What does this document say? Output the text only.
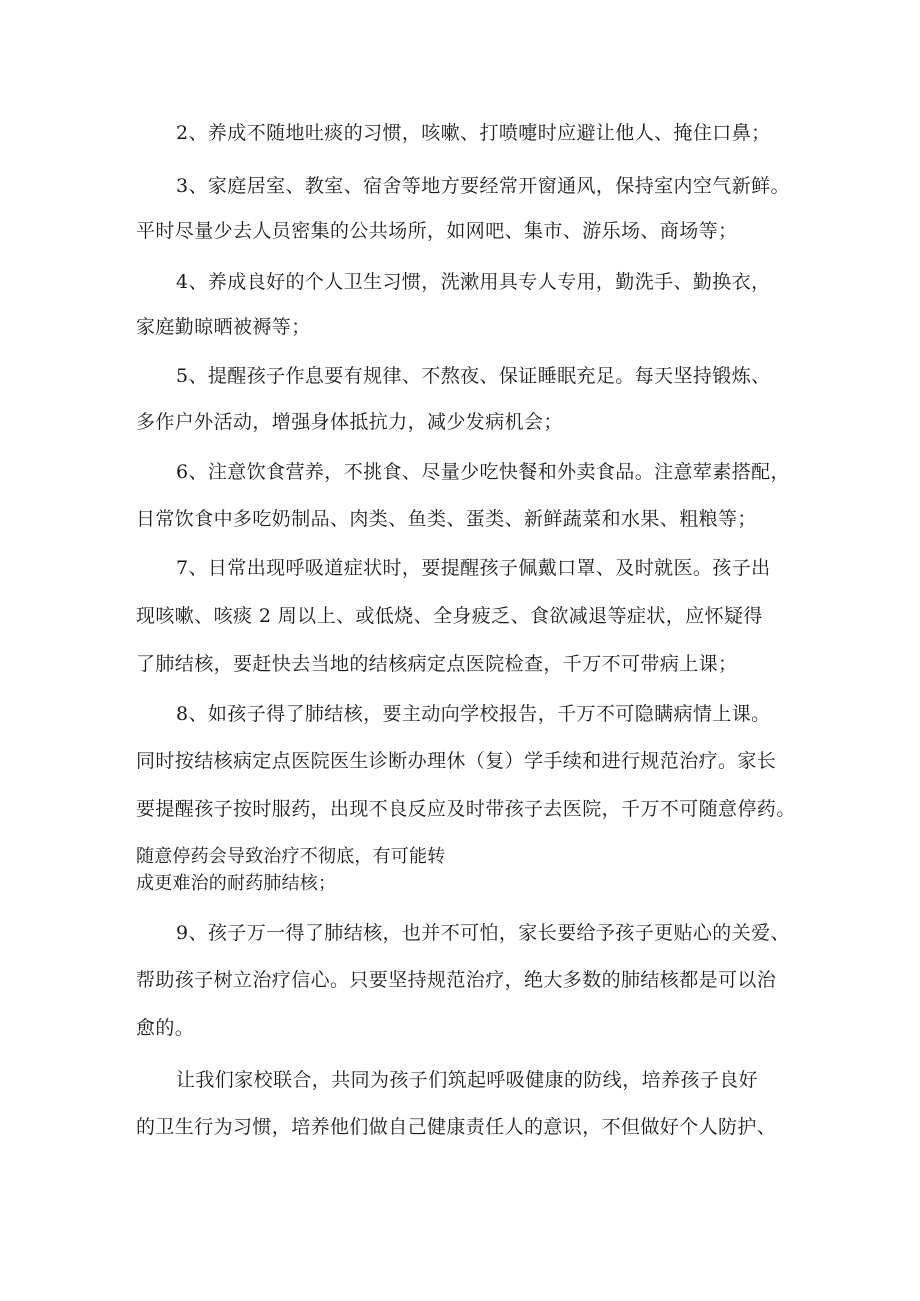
2、养成不随地吐痰的习惯，咳嗽、打喷嚏时应避让他人、掩住口鼻；
3、家庭居室、教室、宿舍等地方要经常开窗通风，保持室内空气新鲜。
平时尽量少去人员密集的公共场所，如网吧、集市、游乐场、商场等；
4、养成良好的个人卫生习惯，洗漱用具专人专用，勤洗手、勤换衣，
家庭勤晾晒被褥等；
5、提醒孩子作息要有规律、不熬夜、保证睡眠充足。每天坚持锻炼、
多作户外活动，增强身体抵抗力，减少发病机会；
6、注意饮食营养，不挑食、尽量少吃快餐和外卖食品。注意荤素搭配，
日常饮食中多吃奶制品、肉类、鱼类、蛋类、新鲜蔬菜和水果、粗粮等；
7、日常出现呼吸道症状时，要提醒孩子佩戴口罩、及时就医。孩子出
现咳嗽、咳痰 2 周以上、或低烧、全身疲乏、食欲减退等症状，应怀疑得
了肺结核，要赶快去当地的结核病定点医院检查，千万不可带病上课；
8、如孩子得了肺结核，要主动向学校报告，千万不可隐瞒病情上课。
同时按结核病定点医院医生诊断办理休（复）学手续和进行规范治疗。家长
要提醒孩子按时服药，出现不良反应及时带孩子去医院，千万不可随意停药。
随意停药会导致治疗不彻底，有可能转
成更难治的耐药肺结核；
9、孩子万一得了肺结核，也并不可怕，家长要给予孩子更贴心的关爱、
帮助孩子树立治疗信心。只要坚持规范治疗，绝大多数的肺结核都是可以治
愈的。
让我们家校联合，共同为孩子们筑起呼吸健康的防线，培养孩子良好
的卫生行为习惯，培养他们做自己健康责任人的意识，不但做好个人防护、
